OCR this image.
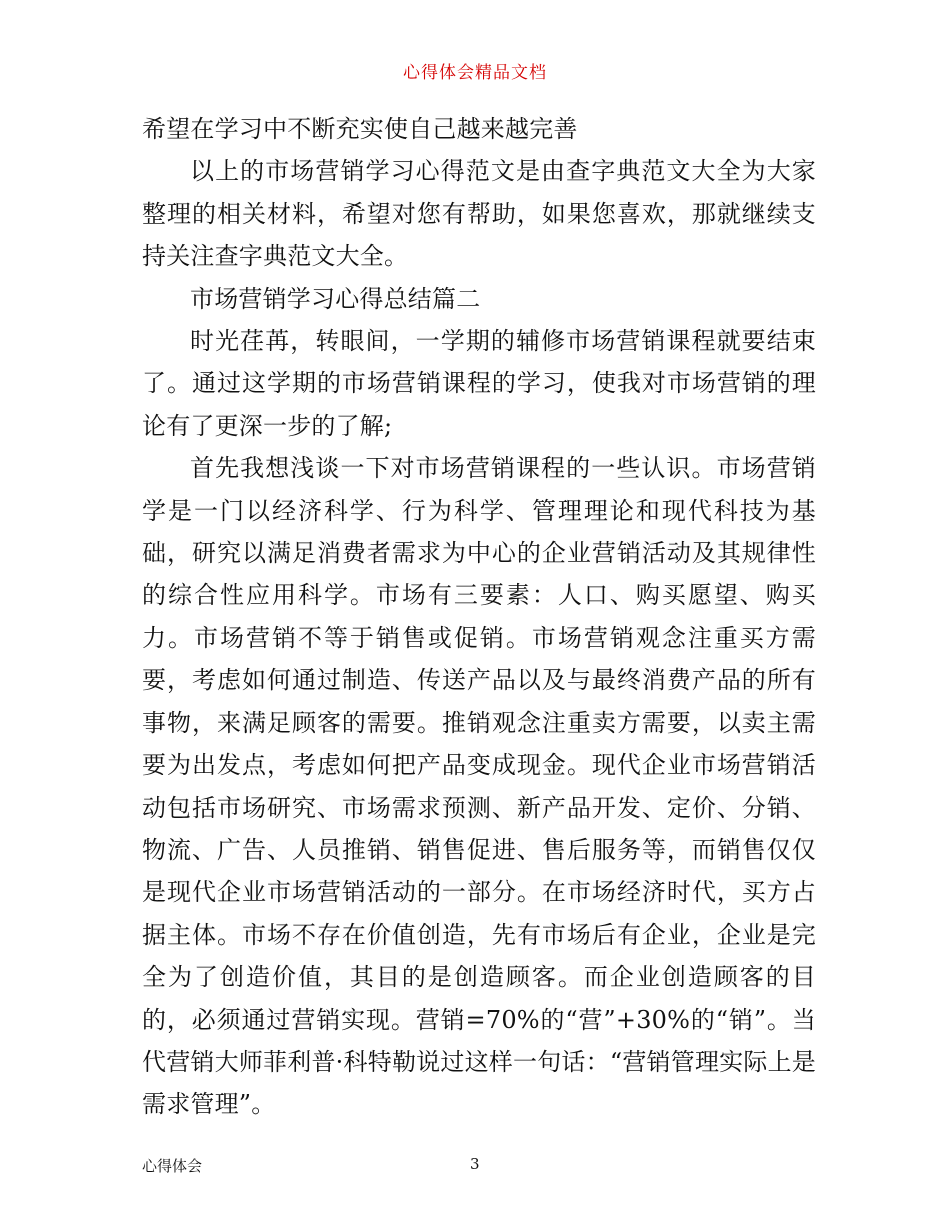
心得体会精品文档

希望在学习中不断充实使自己越来越完善

以上的市场营销学习心得范文是由查字典范文大全为大家整理的相关材料，希望对您有帮助，如果您喜欢，那就继续支持关注查字典范文大全。

市场营销学习心得总结篇二

时光荏苒，转眼间，一学期的辅修市场营销课程就要结束了。通过这学期的市场营销课程的学习，使我对市场营销的理论有了更深一步的了解;

首先我想浅谈一下对市场营销课程的一些认识。市场营销学是一门以经济科学、行为科学、管理理论和现代科技为基础，研究以满足消费者需求为中心的企业营销活动及其规律性的综合性应用科学。市场有三要素：人口、购买愿望、购买力。市场营销不等于销售或促销。市场营销观念注重买方需要，考虑如何通过制造、传送产品以及与最终消费产品的所有事物，来满足顾客的需要。推销观念注重卖方需要，以卖主需要为出发点，考虑如何把产品变成现金。现代企业市场营销活动包括市场研究、市场需求预测、新产品开发、定价、分销、物流、广告、人员推销、销售促进、售后服务等，而销售仅仅是现代企业市场营销活动的一部分。在市场经济时代，买方占据主体。市场不存在价值创造，先有市场后有企业，企业是完全为了创造价值，其目的是创造顾客。而企业创造顾客的目的，必须通过营销实现。营销=70%的“营”+30%的“销”。当代营销大师菲利普·科特勒说过这样一句话：“营销管理实际上是需求管理”。

心得体会	3
